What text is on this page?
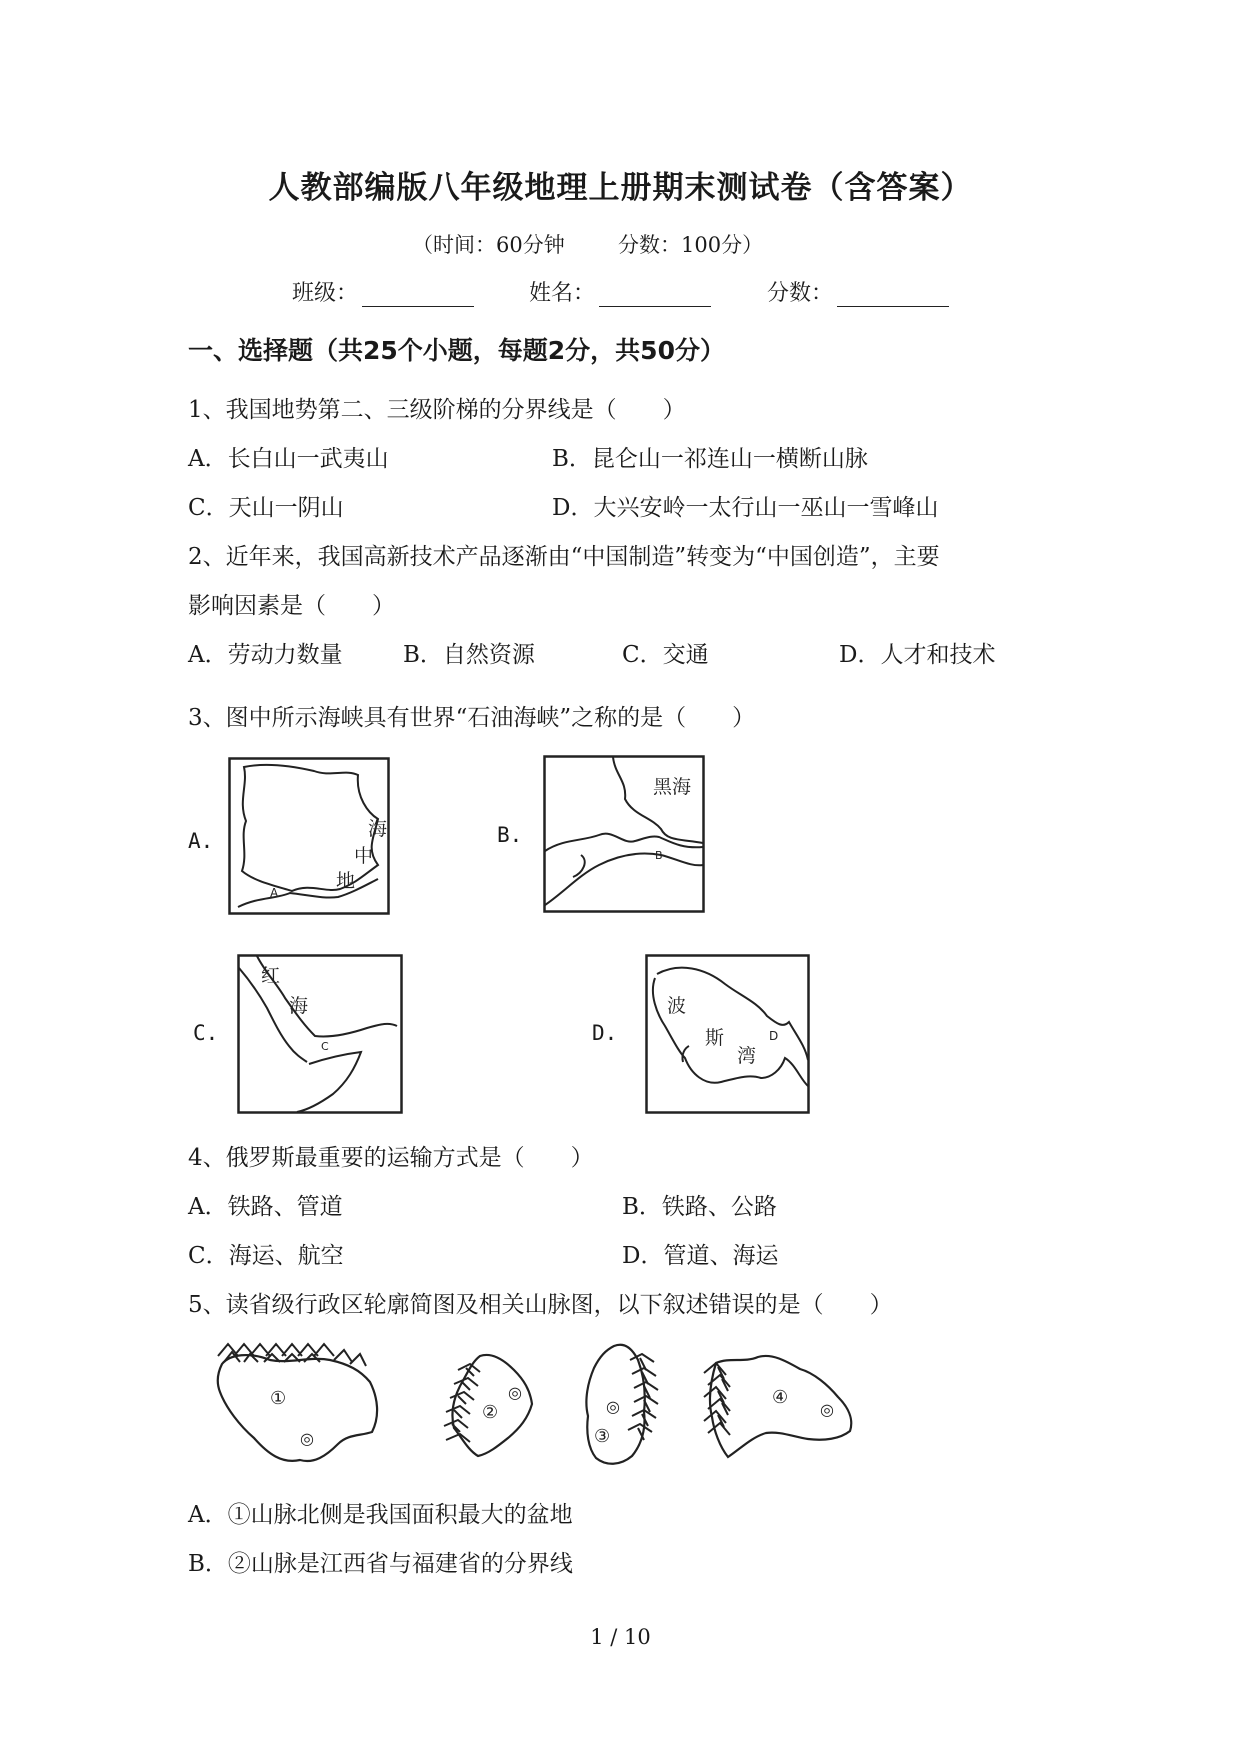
人教部编版八年级地理上册期末测试卷（含答案）
（时间：60分钟	分数：100分）
班级：	姓名：	分数：
一、选择题（共25个小题，每题2分，共50分）
1、我国地势第二、三级阶梯的分界线是（　　）
A．长白山一武夷山	B．昆仑山一祁连山一横断山脉
C．天山一阴山	D．大兴安岭一太行山一巫山一雪峰山
2、近年来，我国高新技术产品逐渐由“中国制造”转变为“中国创造”，主要
影响因素是（　　）
A．劳动力数量	B．自然资源	C．交通	D．人才和技术
3、图中所示海峡具有世界“石油海峡”之称的是（　　）
A.	B.
C.	D.
A
海
中
地
B
黑海
红
海
C
波
斯
湾
D
4、俄罗斯最重要的运输方式是（　　）
A．铁路、管道	B．铁路、公路
C．海运、航空	D．管道、海运
5、读省级行政区轮廓简图及相关山脉图，以下叙述错误的是（　　）
①
◎
②
◎
◎
③
④
◎
A．①山脉北侧是我国面积最大的盆地
B．②山脉是江西省与福建省的分界线
1 / 10
